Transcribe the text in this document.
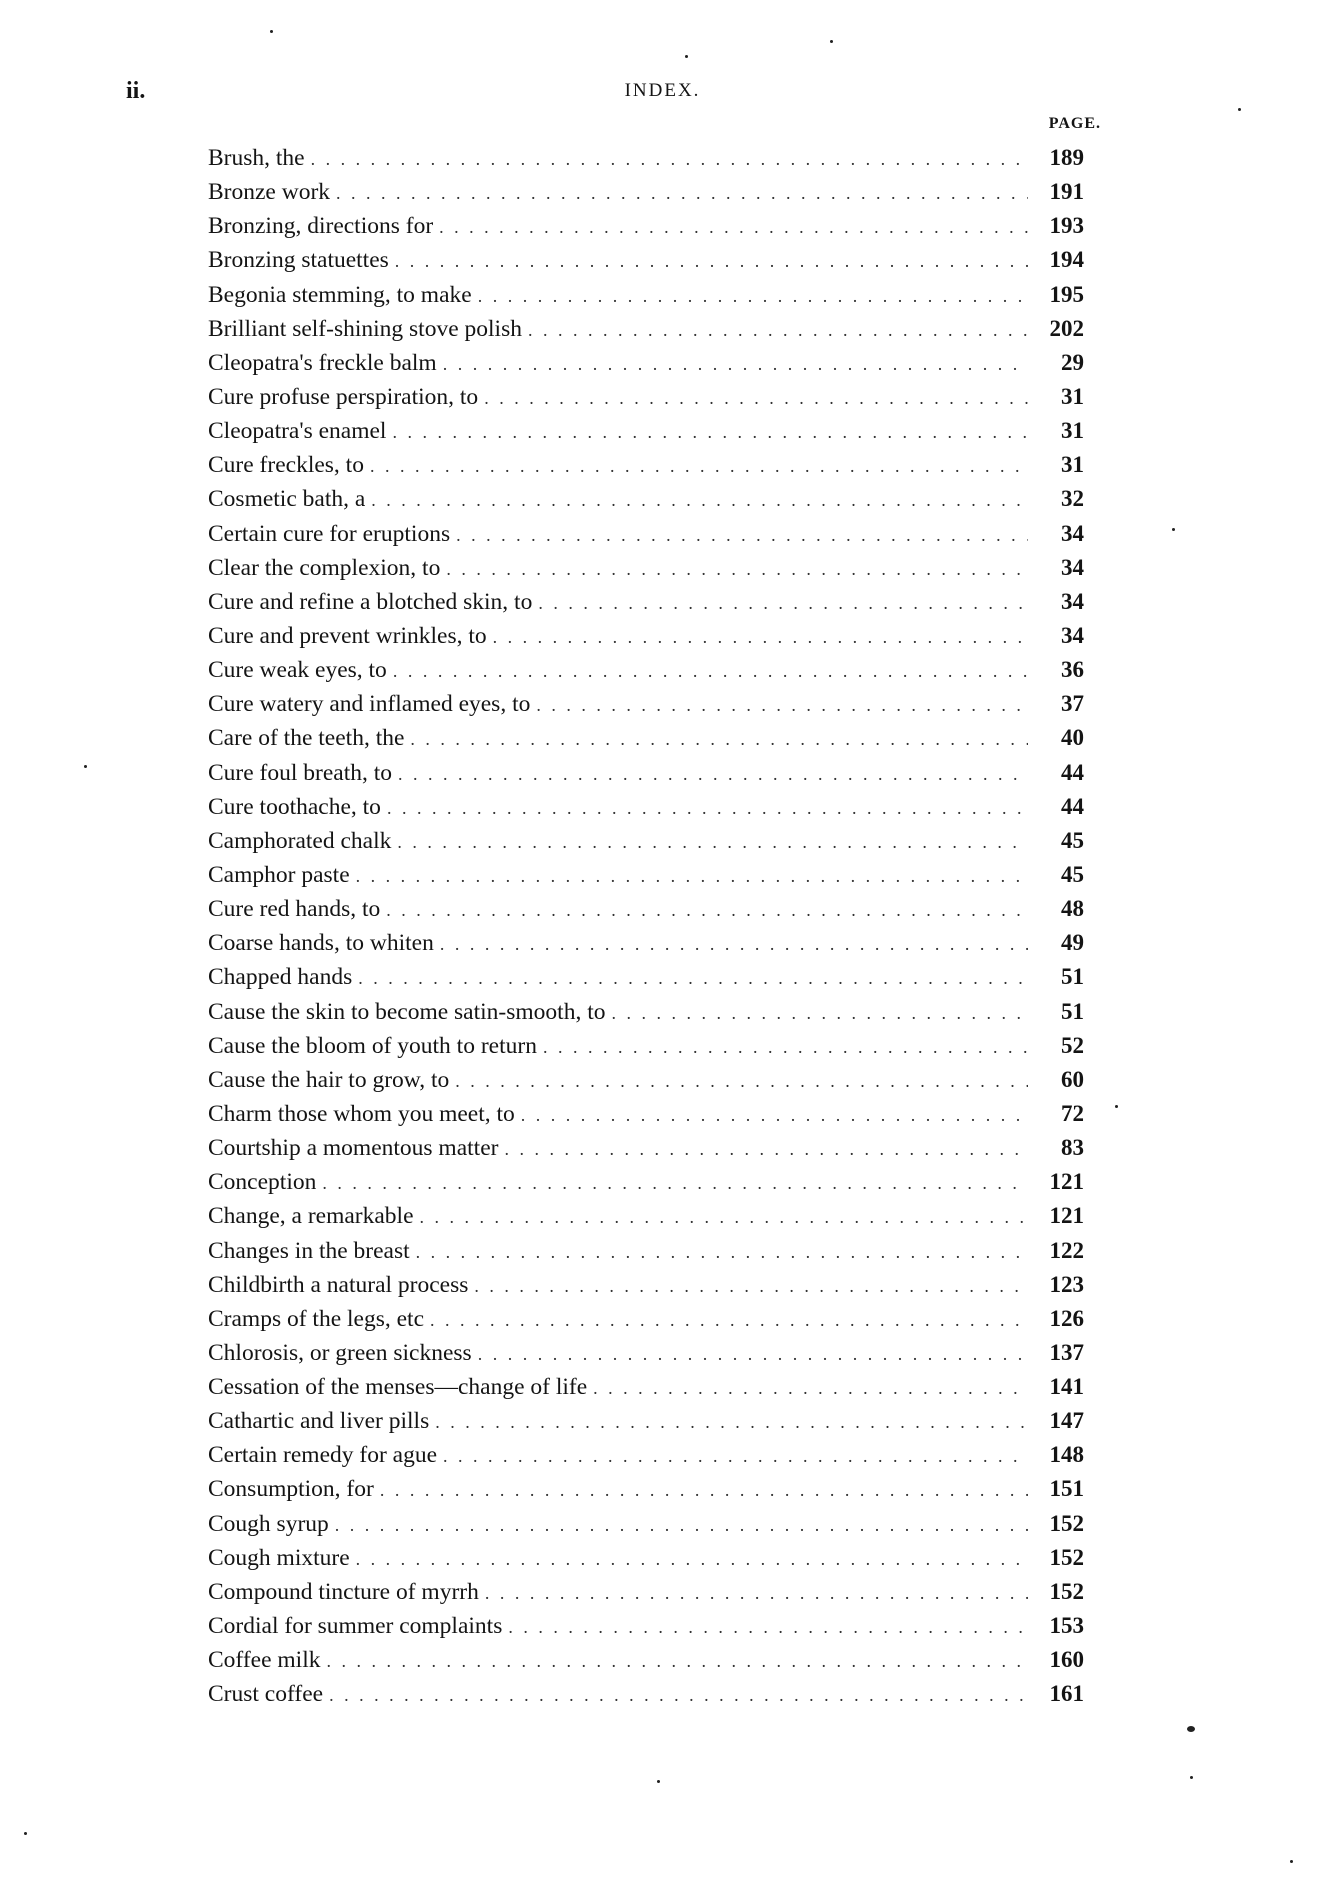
ii.	INDEX.
PAGE.
Brush, the . . .	189
Bronze work . . .	191
Bronzing, directions for . . .	193
Bronzing statuettes . . .	194
Begonia stemming, to make . . .	195
Brilliant self-shining stove polish . . .	202
Cleopatra's freckle balm . . .	29
Cure profuse perspiration, to . . .	31
Cleopatra's enamel . . .	31
Cure freckles, to . . .	31
Cosmetic bath, a . . .	32
Certain cure for eruptions . . .	34
Clear the complexion, to . . .	34
Cure and refine a blotched skin, to . . .	34
Cure and prevent wrinkles, to . . .	34
Cure weak eyes, to . . .	36
Cure watery and inflamed eyes, to . . .	37
Care of the teeth, the . . .	40
Cure foul breath, to . . .	44
Cure toothache, to . . .	44
Camphorated chalk . . .	45
Camphor paste . . .	45
Cure red hands, to . . .	48
Coarse hands, to whiten . . .	49
Chapped hands . . .	51
Cause the skin to become satin-smooth, to . . .	51
Cause the bloom of youth to return . . .	52
Cause the hair to grow, to . . .	60
Charm those whom you meet, to . . .	72
Courtship a momentous matter . . .	83
Conception . . .	121
Change, a remarkable . . .	121
Changes in the breast . . .	122
Childbirth a natural process . . .	123
Cramps of the legs, etc . . .	126
Chlorosis, or green sickness . . .	137
Cessation of the menses—change of life . . .	141
Cathartic and liver pills . . .	147
Certain remedy for ague . . .	148
Consumption, for . . .	151
Cough syrup . . .	152
Cough mixture . . .	152
Compound tincture of myrrh . . .	152
Cordial for summer complaints . . .	153
Coffee milk . . .	160
Crust coffee . . .	161
